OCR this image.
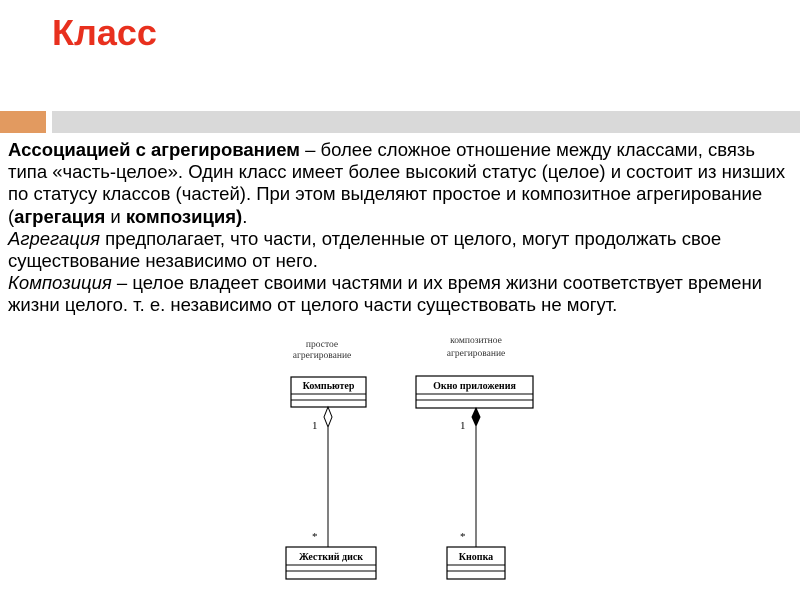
Класс

Ассоциацией с агрегированием – более сложное отношение между классами, связь типа «часть-целое». Один класс имеет более высокий статус (целое) и состоит из низших по статусу классов (частей). При этом выделяют простое и композитное агрегирование (агрегация и композиция).

Агрегация предполагает, что части, отделенные от целого, могут продолжать свое существование независимо от него.

Композиция – целое владеет своими частями и их время жизни соответствует времени жизни целого. т. е. независимо от целого части существовать не могут.

простое
агрегирование
Компьютер
1
*
Жесткий диск
композитное
агрегирование
Окно приложения
1
*
Кнопка
